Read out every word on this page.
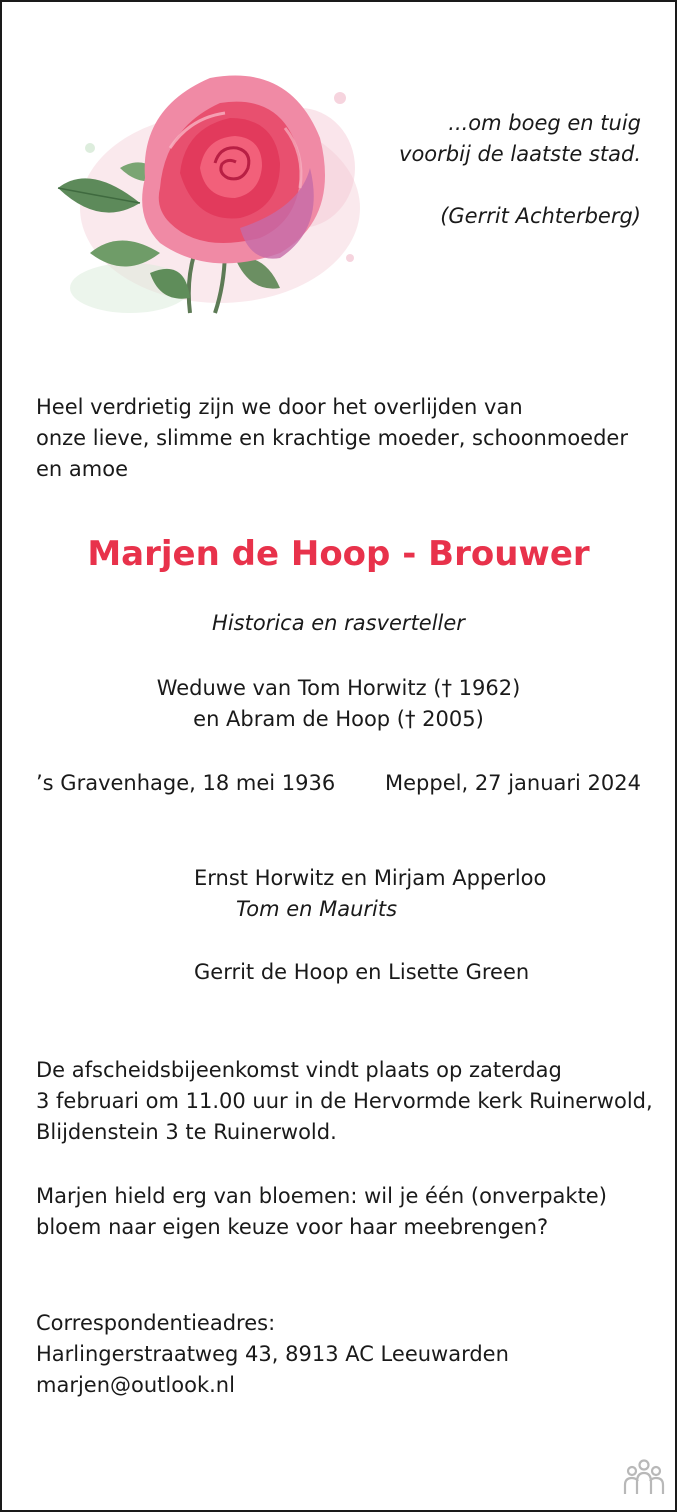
...om boeg en tuig
voorbij de laatste stad.
(Gerrit Achterberg)
Heel verdrietig zijn we door het overlijden van
onze lieve, slimme en krachtige moeder, schoonmoeder
en amoe
Marjen de Hoop - Brouwer
Historica en rasverteller
Weduwe van Tom Horwitz († 1962)
en Abram de Hoop († 2005)
’s Gravenhage, 18 mei 1936 Meppel, 27 januari 2024
Ernst Horwitz en Mirjam Apperloo
Tom en Maurits
Gerrit de Hoop en Lisette Green
De afscheidsbijeenkomst vindt plaats op zaterdag
3 februari om 11.00 uur in de Hervormde kerk Ruinerwold,
Blijdenstein 3 te Ruinerwold.
Marjen hield erg van bloemen: wil je één (onverpakte)
bloem naar eigen keuze voor haar meebrengen?
Correspondentieadres:
Harlingerstraatweg 43, 8913 AC Leeuwarden
marjen@outlook.nl
